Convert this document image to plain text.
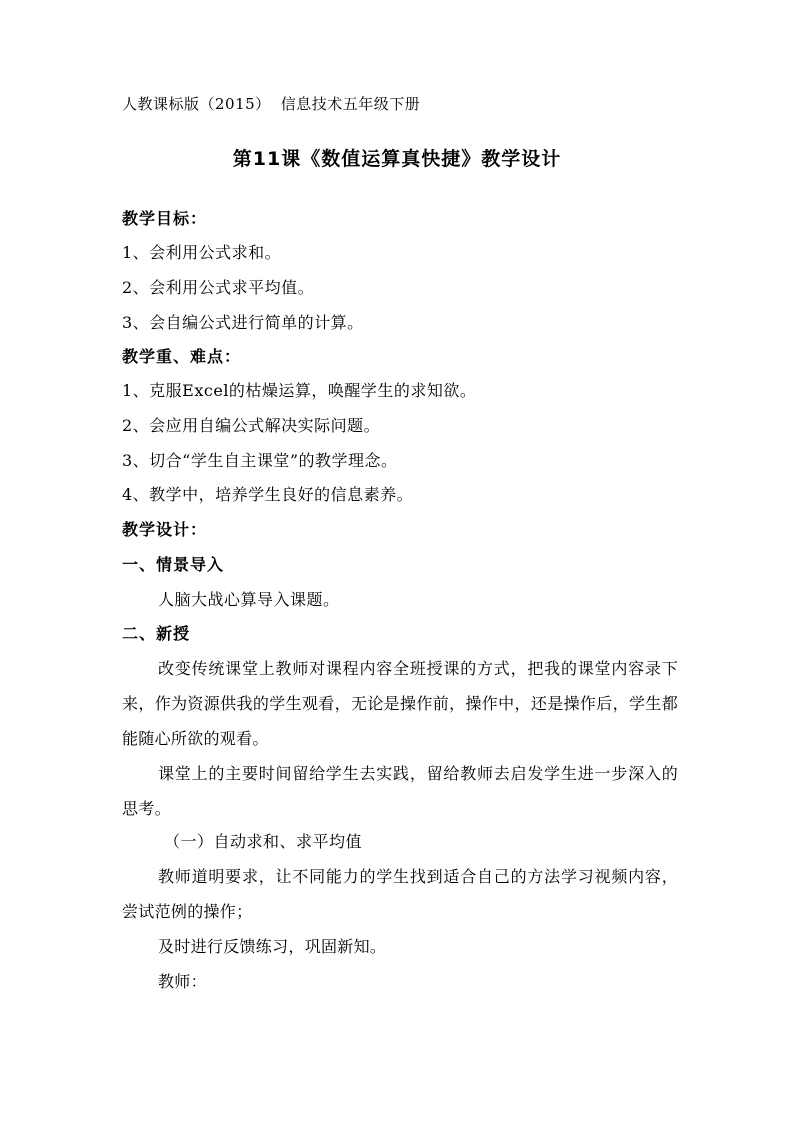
人教课标版（2015） 信息技术五年级下册
第11课《数值运算真快捷》教学设计
教学目标：
1、会利用公式求和。
2、会利用公式求平均值。
3、会自编公式进行简单的计算。
教学重、难点：
1、克服Excel的枯燥运算，唤醒学生的求知欲。
2、会应用自编公式解决实际问题。
3、切合“学生自主课堂”的教学理念。
4、教学中，培养学生良好的信息素养。
教学设计：
一、情景导入
人脑大战心算导入课题。
二、新授
改变传统课堂上教师对课程内容全班授课的方式，把我的课堂内容录下来，作为资源供我的学生观看，无论是操作前，操作中，还是操作后，学生都能随心所欲的观看。
课堂上的主要时间留给学生去实践，留给教师去启发学生进一步深入的思考。
（一）自动求和、求平均值
教师道明要求，让不同能力的学生找到适合自己的方法学习视频内容，尝试范例的操作；
及时进行反馈练习，巩固新知。
教师：
